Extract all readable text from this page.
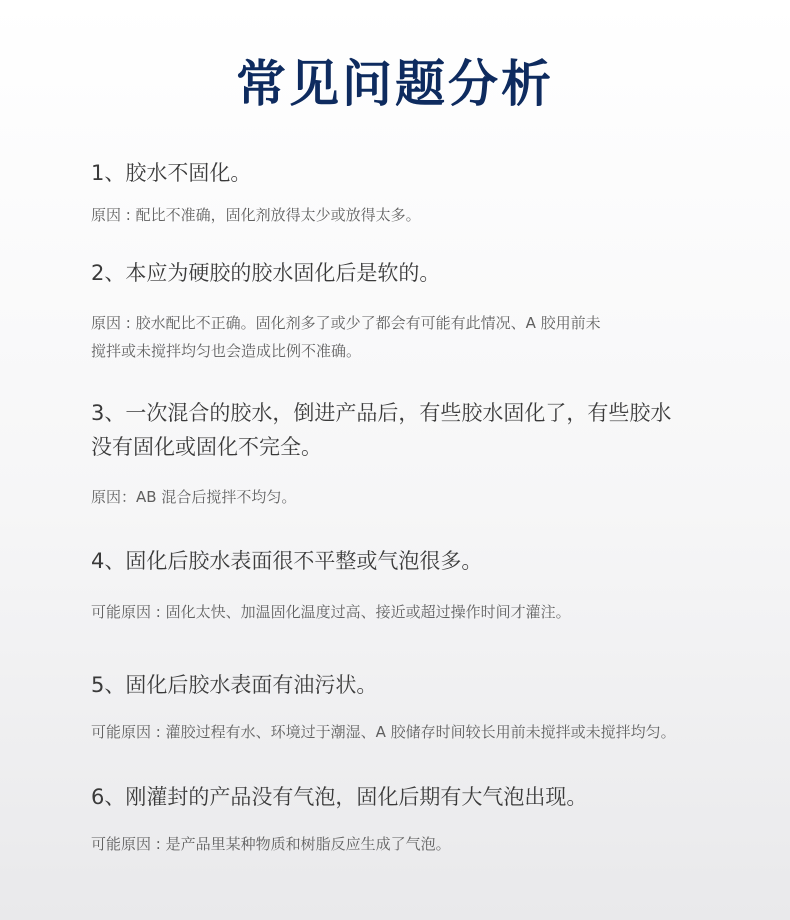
常见问题分析
1、胶水不固化。
原因 : 配比不准确，固化剂放得太少或放得太多。
2、本应为硬胶的胶水固化后是软的。
原因 : 胶水配比不正确。固化剂多了或少了都会有可能有此情况、A 胶用前未
搅拌或未搅拌均匀也会造成比例不准确。
3、一次混合的胶水，倒进产品后，有些胶水固化了，有些胶水
没有固化或固化不完全。
原因：AB 混合后搅拌不均匀。
4、固化后胶水表面很不平整或气泡很多。
可能原因 : 固化太快、加温固化温度过高、接近或超过操作时间才灌注。
5、固化后胶水表面有油污状。
可能原因 : 灌胶过程有水、环境过于潮湿、A 胶储存时间较长用前未搅拌或未搅拌均匀。
6、刚灌封的产品没有气泡，固化后期有大气泡出现。
可能原因 : 是产品里某种物质和树脂反应生成了气泡。
